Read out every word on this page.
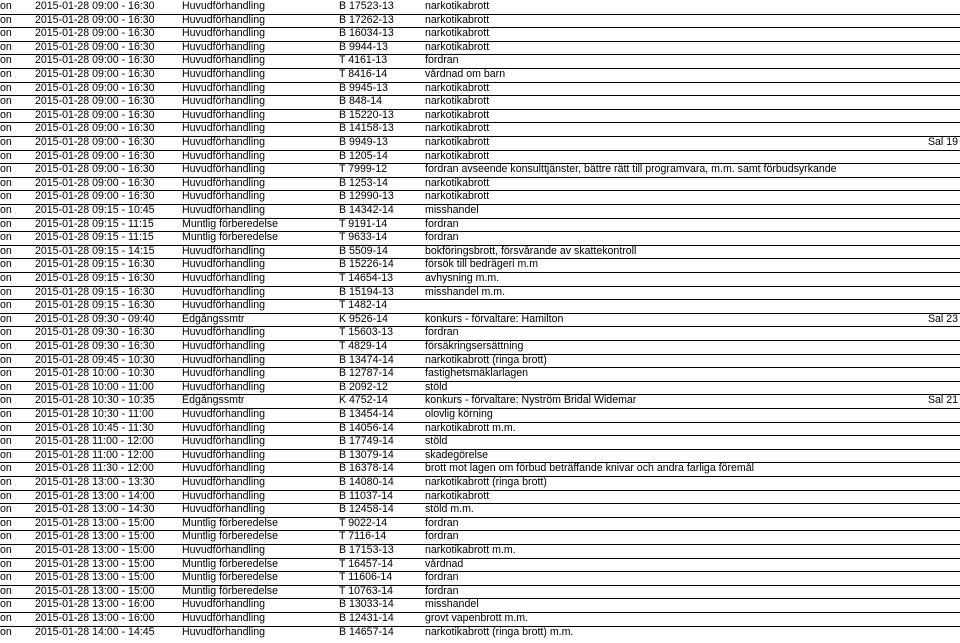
on 2015-01-28 09:00 - 16:30	Huvudförhandling	B 17523-13	narkotikabrott
on 2015-01-28 09:00 - 16:30	Huvudförhandling	B 17262-13	narkotikabrott
on 2015-01-28 09:00 - 16:30	Huvudförhandling	B 16034-13	narkotikabrott
on 2015-01-28 09:00 - 16:30	Huvudförhandling	B 9944-13	narkotikabrott
on 2015-01-28 09:00 - 16:30	Huvudförhandling	T 4161-13	fordran
on 2015-01-28 09:00 - 16:30	Huvudförhandling	T 8416-14	vårdnad om barn
on 2015-01-28 09:00 - 16:30	Huvudförhandling	B 9945-13	narkotikabrott
on 2015-01-28 09:00 - 16:30	Huvudförhandling	B 848-14	narkotikabrott
on 2015-01-28 09:00 - 16:30	Huvudförhandling	B 15220-13	narkotikabrott
on 2015-01-28 09:00 - 16:30	Huvudförhandling	B 14158-13	narkotikabrott
on 2015-01-28 09:00 - 16:30	Huvudförhandling	B 9949-13	narkotikabrott	Sal 19
on 2015-01-28 09:00 - 16:30	Huvudförhandling	B 1205-14	narkotikabrott
on 2015-01-28 09:00 - 16:30	Huvudförhandling	T 7999-12	fordran avseende konsulttjänster, bättre rätt till programvara, m.m. samt förbudsyrkande
on 2015-01-28 09:00 - 16:30	Huvudförhandling	B 1253-14	narkotikabrott
on 2015-01-28 09:00 - 16:30	Huvudförhandling	B 12990-13	narkotikabrott
on 2015-01-28 09:15 - 10:45	Huvudförhandling	B 14342-14	misshandel
on 2015-01-28 09:15 - 11:15	Muntlig förberedelse	T 9191-14	fordran
on 2015-01-28 09:15 - 11:15	Muntlig förberedelse	T 9633-14	fordran
on 2015-01-28 09:15 - 14:15	Huvudförhandling	B 5509-14	bokföringsbrott, försvårande av skattekontroll
on 2015-01-28 09:15 - 16:30	Huvudförhandling	B 15226-14	försök till bedrägeri m.m
on 2015-01-28 09:15 - 16:30	Huvudförhandling	T 14654-13	avhysning m.m.
on 2015-01-28 09:15 - 16:30	Huvudförhandling	B 15194-13	misshandel m.m.
on 2015-01-28 09:15 - 16:30	Huvudförhandling	T 1482-14
on 2015-01-28 09:30 - 09:40	Edgångssmtr	K 9526-14	konkurs - förvaltare: Hamilton	Sal 23
on 2015-01-28 09:30 - 16:30	Huvudförhandling	T 15603-13	fordran
on 2015-01-28 09:30 - 16:30	Huvudförhandling	T 4829-14	försäkringsersättning
on 2015-01-28 09:45 - 10:30	Huvudförhandling	B 13474-14	narkotikabrott (ringa brott)
on 2015-01-28 10:00 - 10:30	Huvudförhandling	B 12787-14	fastighetsmäklarlagen
on 2015-01-28 10:00 - 11:00	Huvudförhandling	B 2092-12	stöld
on 2015-01-28 10:30 - 10:35	Edgångssmtr	K 4752-14	konkurs - förvaltare: Nyström Bridal Widemar	Sal 21
on 2015-01-28 10:30 - 11:00	Huvudförhandling	B 13454-14	olovlig körning
on 2015-01-28 10:45 - 11:30	Huvudförhandling	B 14056-14	narkotikabrott m.m.
on 2015-01-28 11:00 - 12:00	Huvudförhandling	B 17749-14	stöld
on 2015-01-28 11:00 - 12:00	Huvudförhandling	B 13079-14	skadegörelse
on 2015-01-28 11:30 - 12:00	Huvudförhandling	B 16378-14	brott mot lagen om förbud beträffande knivar och andra farliga föremål
on 2015-01-28 13:00 - 13:30	Huvudförhandling	B 14080-14	narkotikabrott (ringa brott)
on 2015-01-28 13:00 - 14:00	Huvudförhandling	B 11037-14	narkotikabrott
on 2015-01-28 13:00 - 14:30	Huvudförhandling	B 12458-14	stöld m.m.
on 2015-01-28 13:00 - 15:00	Muntlig förberedelse	T 9022-14	fordran
on 2015-01-28 13:00 - 15:00	Muntlig förberedelse	T 7116-14	fordran
on 2015-01-28 13:00 - 15:00	Huvudförhandling	B 17153-13	narkotikabrott m.m.
on 2015-01-28 13:00 - 15:00	Muntlig förberedelse	T 16457-14	vårdnad
on 2015-01-28 13:00 - 15:00	Muntlig förberedelse	T 11606-14	fordran
on 2015-01-28 13:00 - 15:00	Muntlig förberedelse	T 10763-14	fordran
on 2015-01-28 13:00 - 16:00	Huvudförhandling	B 13033-14	misshandel
on 2015-01-28 13:00 - 16:00	Huvudförhandling	B 12431-14	grovt vapenbrott m.m.
on 2015-01-28 14:00 - 14:45	Huvudförhandling	B 14657-14	narkotikabrott (ringa brott) m.m.
